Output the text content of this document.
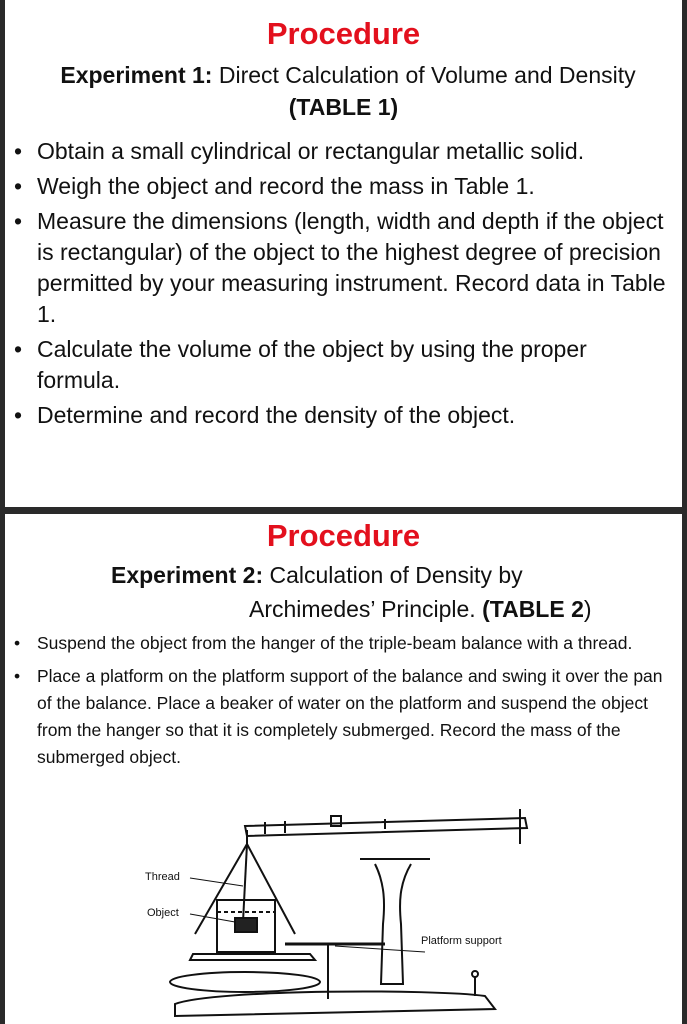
Procedure
Experiment 1: Direct Calculation of Volume and Density
(TABLE 1)
• Obtain a small cylindrical or rectangular metallic solid.
• Weigh the object and record the mass in Table 1.
• Measure the dimensions (length, width and depth if the object is rectangular) of the object to the highest degree of precision permitted by your measuring instrument. Record data in Table 1.
• Calculate the volume of the object by using the proper formula.
• Determine and record the density of the object.
Procedure
Experiment 2: Calculation of Density by
Archimedes’ Principle. (TABLE 2)
• Suspend the object from the hanger of the triple-beam balance with a thread.
• Place a platform on the platform support of the balance and swing it over the pan of the balance. Place a beaker of water on the platform and suspend the object from the hanger so that it is completely submerged. Record the mass of the submerged object.
Thread
Object
Platform support
